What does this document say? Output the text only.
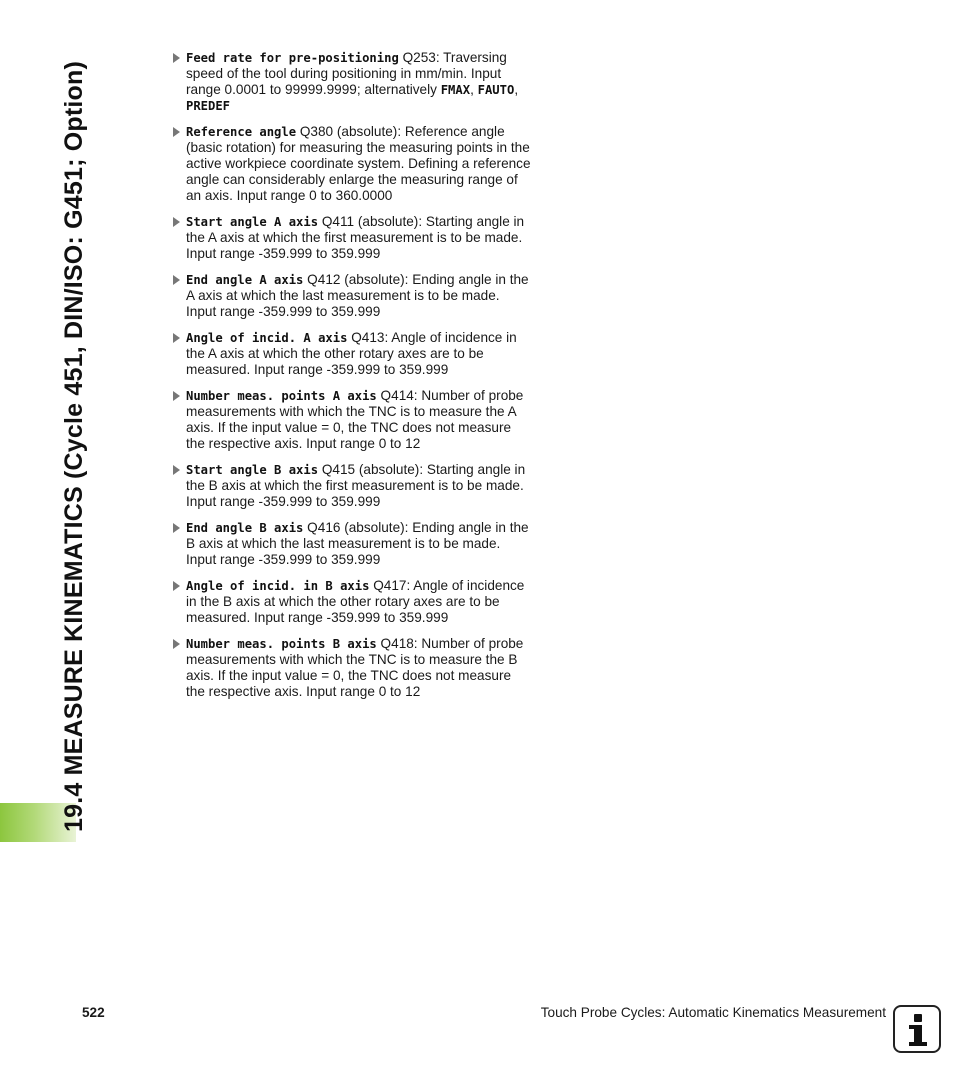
19.4 MEASURE KINEMATICS (Cycle 451, DIN/ISO: G451; Option)
Feed rate for pre-positioning Q253: Traversing speed of the tool during positioning in mm/min. Input range 0.0001 to 99999.9999; alternatively FMAX, FAUTO, PREDEF
Reference angle Q380 (absolute): Reference angle (basic rotation) for measuring the measuring points in the active workpiece coordinate system. Defining a reference angle can considerably enlarge the measuring range of an axis. Input range 0 to 360.0000
Start angle A axis Q411 (absolute): Starting angle in the A axis at which the first measurement is to be made. Input range -359.999 to 359.999
End angle A axis Q412 (absolute): Ending angle in the A axis at which the last measurement is to be made. Input range -359.999 to 359.999
Angle of incid. A axis Q413: Angle of incidence in the A axis at which the other rotary axes are to be measured. Input range -359.999 to 359.999
Number meas. points A axis Q414: Number of probe measurements with which the TNC is to measure the A axis. If the input value = 0, the TNC does not measure the respective axis. Input range 0 to 12
Start angle B axis Q415 (absolute): Starting angle in the B axis at which the first measurement is to be made. Input range -359.999 to 359.999
End angle B axis Q416 (absolute): Ending angle in the B axis at which the last measurement is to be made. Input range -359.999 to 359.999
Angle of incid. in B axis Q417: Angle of incidence in the B axis at which the other rotary axes are to be measured. Input range -359.999 to 359.999
Number meas. points B axis Q418: Number of probe measurements with which the TNC is to measure the B axis. If the input value = 0, the TNC does not measure the respective axis. Input range 0 to 12
522	Touch Probe Cycles: Automatic Kinematics Measurement
